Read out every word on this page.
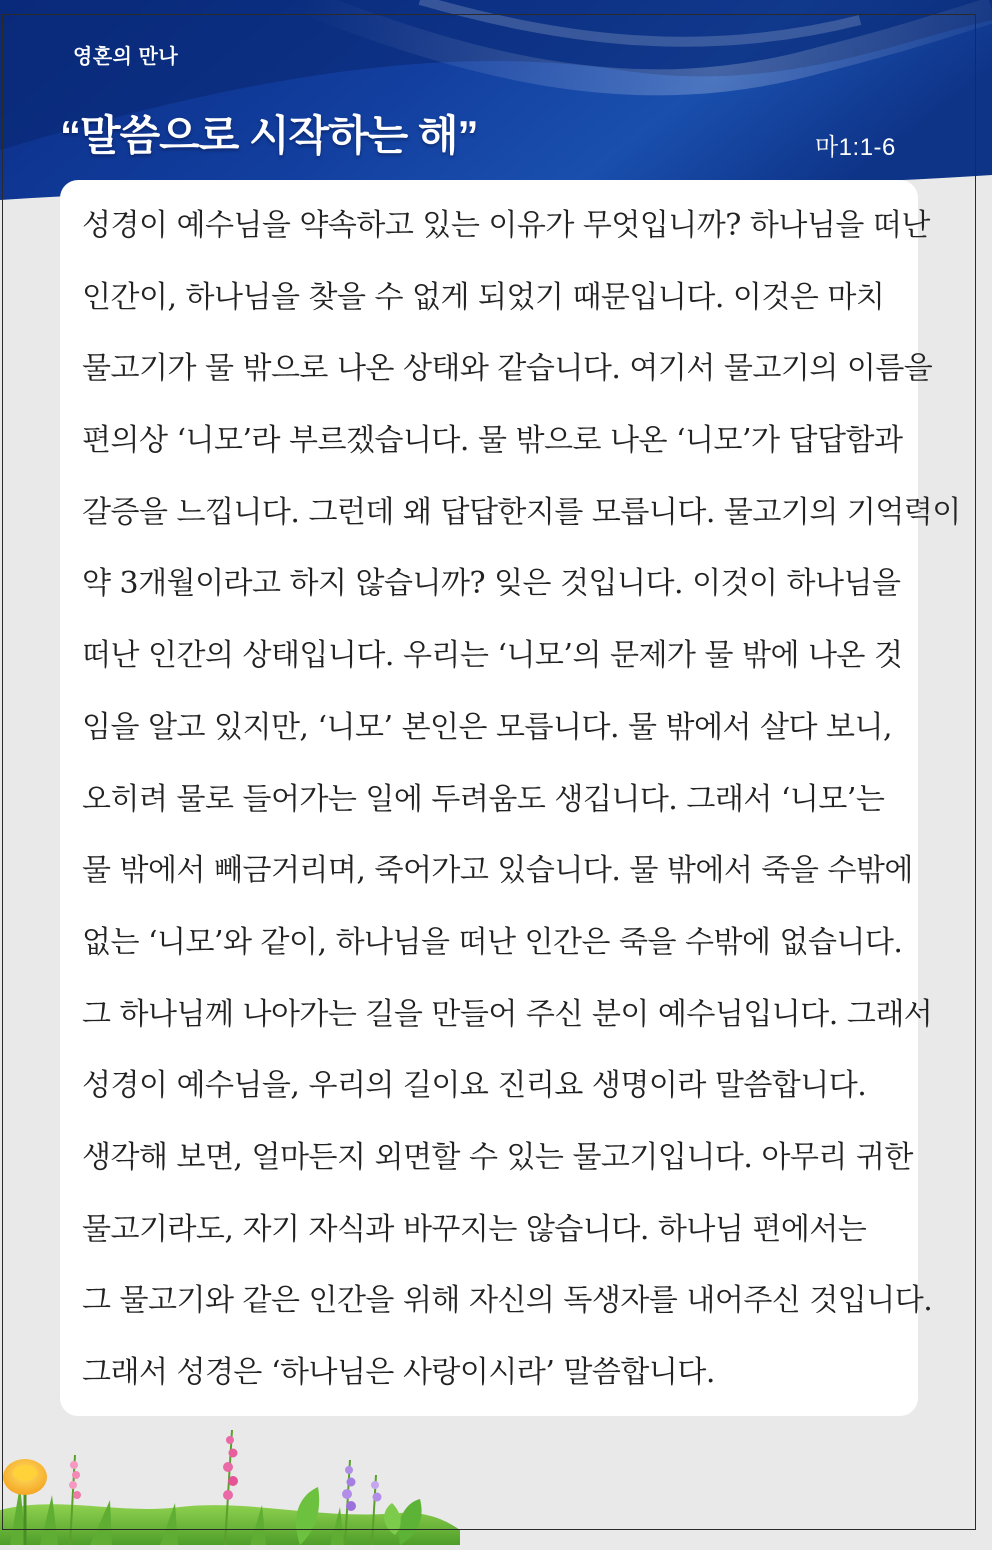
영혼의 만나
“말씀으로 시작하는 해”	마1:1-6
성경이 예수님을 약속하고 있는 이유가 무엇입니까? 하나님을 떠난
인간이, 하나님을 찾을 수 없게 되었기 때문입니다. 이것은 마치
물고기가 물 밖으로 나온 상태와 같습니다. 여기서 물고기의 이름을
편의상 ‘니모’라 부르겠습니다. 물 밖으로 나온 ‘니모’가 답답함과
갈증을 느낍니다. 그런데 왜 답답한지를 모릅니다. 물고기의 기억력이
약 3개월이라고 하지 않습니까? 잊은 것입니다. 이것이 하나님을
떠난 인간의 상태입니다. 우리는 ‘니모’의 문제가 물 밖에 나온 것
임을 알고 있지만, ‘니모’ 본인은 모릅니다. 물 밖에서 살다 보니,
오히려 물로 들어가는 일에 두려움도 생깁니다. 그래서 ‘니모’는
물 밖에서 빼금거리며, 죽어가고 있습니다. 물 밖에서 죽을 수밖에
없는 ‘니모’와 같이, 하나님을 떠난 인간은 죽을 수밖에 없습니다.
그 하나님께 나아가는 길을 만들어 주신 분이 예수님입니다. 그래서
성경이 예수님을, 우리의 길이요 진리요 생명이라 말씀합니다.
생각해 보면, 얼마든지 외면할 수 있는 물고기입니다. 아무리 귀한
물고기라도, 자기 자식과 바꾸지는 않습니다. 하나님 편에서는
그 물고기와 같은 인간을 위해 자신의 독생자를 내어주신 것입니다.
그래서 성경은 ‘하나님은 사랑이시라’ 말씀합니다.
